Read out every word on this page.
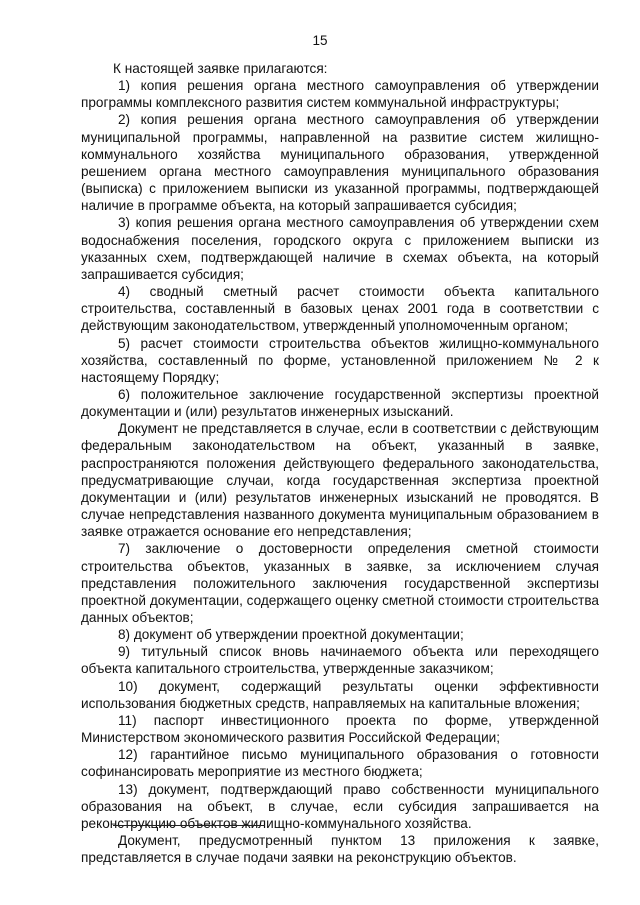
15

К настоящей заявке прилагаются:

1) копия решения органа местного самоуправления об утверждении программы комплексного развития систем коммунальной инфраструктуры;

2) копия решения органа местного самоуправления об утверждении муниципальной программы, направленной на развитие систем жилищно-коммунального хозяйства муниципального образования, утвержденной решением органа местного самоуправления муниципального образования (выписка) с приложением выписки из указанной программы, подтверждающей наличие в программе объекта, на который запрашивается субсидия;

3) копия решения органа местного самоуправления об утверждении схем водоснабжения поселения, городского округа с приложением выписки из указанных схем, подтверждающей наличие в схемах объекта, на который запрашивается субсидия;

4) сводный сметный расчет стоимости объекта капитального строительства, составленный в базовых ценах 2001 года в соответствии с действующим законодательством, утвержденный уполномоченным органом;

5) расчет стоимости строительства объектов жилищно-коммунального хозяйства, составленный по форме, установленной приложением № 2 к настоящему Порядку;

6) положительное заключение государственной экспертизы проектной документации и (или) результатов инженерных изысканий.

Документ не представляется в случае, если в соответствии с действующим федеральным законодательством на объект, указанный в заявке, распространяются положения действующего федерального законодательства, предусматривающие случаи, когда государственная экспертиза проектной документации и (или) результатов инженерных изысканий не проводятся. В случае непредставления названного документа муниципальным образованием в заявке отражается основание его непредставления;

7) заключение о достоверности определения сметной стоимости строительства объектов, указанных в заявке, за исключением случая представления положительного заключения государственной экспертизы проектной документации, содержащего оценку сметной стоимости строительства данных объектов;

8) документ об утверждении проектной документации;

9) титульный список вновь начинаемого объекта или переходящего объекта капитального строительства, утвержденные заказчиком;

10) документ, содержащий результаты оценки эффективности использования бюджетных средств, направляемых на капитальные вложения;

11) паспорт инвестиционного проекта по форме, утвержденной Министерством экономического развития Российской Федерации;

12) гарантийное письмо муниципального образования о готовности софинансировать мероприятие из местного бюджета;

13) документ, подтверждающий право собственности муниципального образования на объект, в случае, если субсидия запрашивается на реконструкцию объектов жилищно-коммунального хозяйства.

Документ, предусмотренный пунктом 13 приложения к заявке, представляется в случае подачи заявки на реконструкцию объектов.
